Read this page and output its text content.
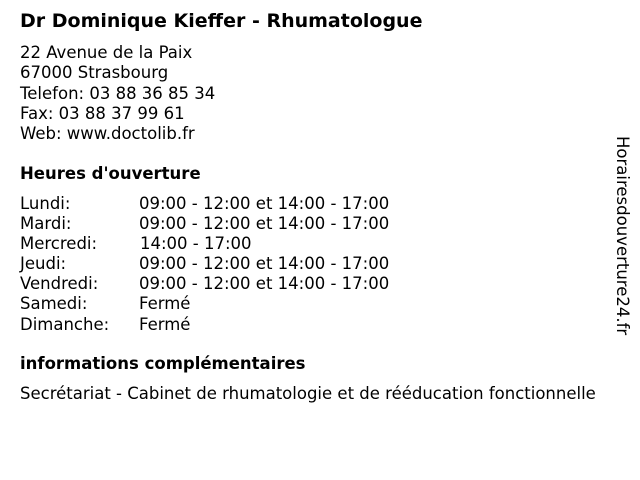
Dr Dominique Kieffer - Rhumatologue
22 Avenue de la Paix
67000 Strasbourg
Telefon: 03 88 36 85 34
Fax: 03 88 37 99 61
Web: www.doctolib.fr
Heures d'ouverture
Lundi:	09:00 - 12:00 et 14:00 - 17:00
Mardi:	09:00 - 12:00 et 14:00 - 17:00
Mercredi:	14:00 - 17:00
Jeudi:	09:00 - 12:00 et 14:00 - 17:00
Vendredi: 09:00 - 12:00 et 14:00 - 17:00
Samedi:	Fermé
Dimanche: Fermé
informations complémentaires
Secrétariat - Cabinet de rhumatologie et de rééducation fonctionnelle
Horairesdouverture24.fr
